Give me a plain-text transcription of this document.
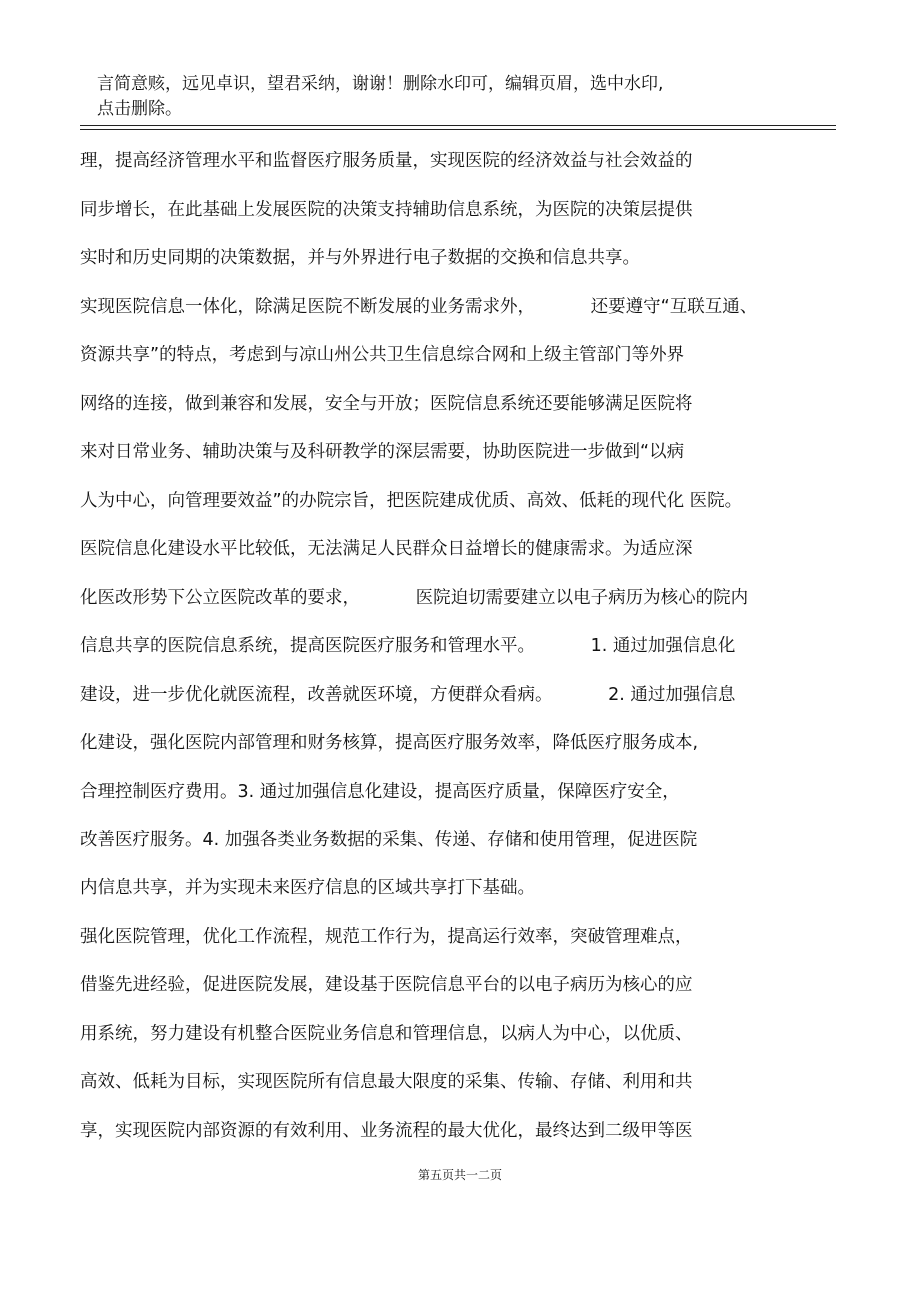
言简意赅，远见卓识，望君采纳，谢谢！删除水印可，编辑页眉，选中水印,
点击删除。
理，提高经济管理水平和监督医疗服务质量，实现医院的经济效益与社会效益的
同步增长，在此基础上发展医院的决策支持辅助信息系统，为医院的决策层提供
实时和历史同期的决策数据，并与外界进行电子数据的交换和信息共享。
实现医院信息一体化，除满足医院不断发展的业务需求外，          还要遵守“互联互通、
资源共享”的特点，考虑到与凉山州公共卫生信息综合网和上级主管部门等外界
网络的连接，做到兼容和发展，安全与开放；医院信息系统还要能够满足医院将
来对日常业务、辅助决策与及科研教学的深层需要，协助医院进一步做到“以病
人为中心，向管理要效益”的办院宗旨，把医院建成优质、高效、低耗的现代化 医院。
医院信息化建设水平比较低，无法满足人民群众日益增长的健康需求。为适应深
化医改形势下公立医院改革的要求，          医院迫切需要建立以电子病历为核心的院内
信息共享的医院信息系统，提高医院医疗服务和管理水平。          1. 通过加强信息化
建设，进一步优化就医流程，改善就医环境，方便群众看病。          2. 通过加强信息
化建设，强化医院内部管理和财务核算，提高医疗服务效率，降低医疗服务成本,
合理控制医疗费用。3. 通过加强信息化建设，提高医疗质量，保障医疗安全，
改善医疗服务。4. 加强各类业务数据的采集、传递、存储和使用管理，促进医院
内信息共享，并为实现未来医疗信息的区域共享打下基础。
强化医院管理，优化工作流程，规范工作行为，提高运行效率，突破管理难点，
借鉴先进经验，促进医院发展，建设基于医院信息平台的以电子病历为核心的应
用系统，努力建设有机整合医院业务信息和管理信息，以病人为中心，以优质、
高效、低耗为目标，实现医院所有信息最大限度的采集、传输、存储、利用和共
享，实现医院内部资源的有效利用、业务流程的最大优化，最终达到二级甲等医
第五页共一二页
